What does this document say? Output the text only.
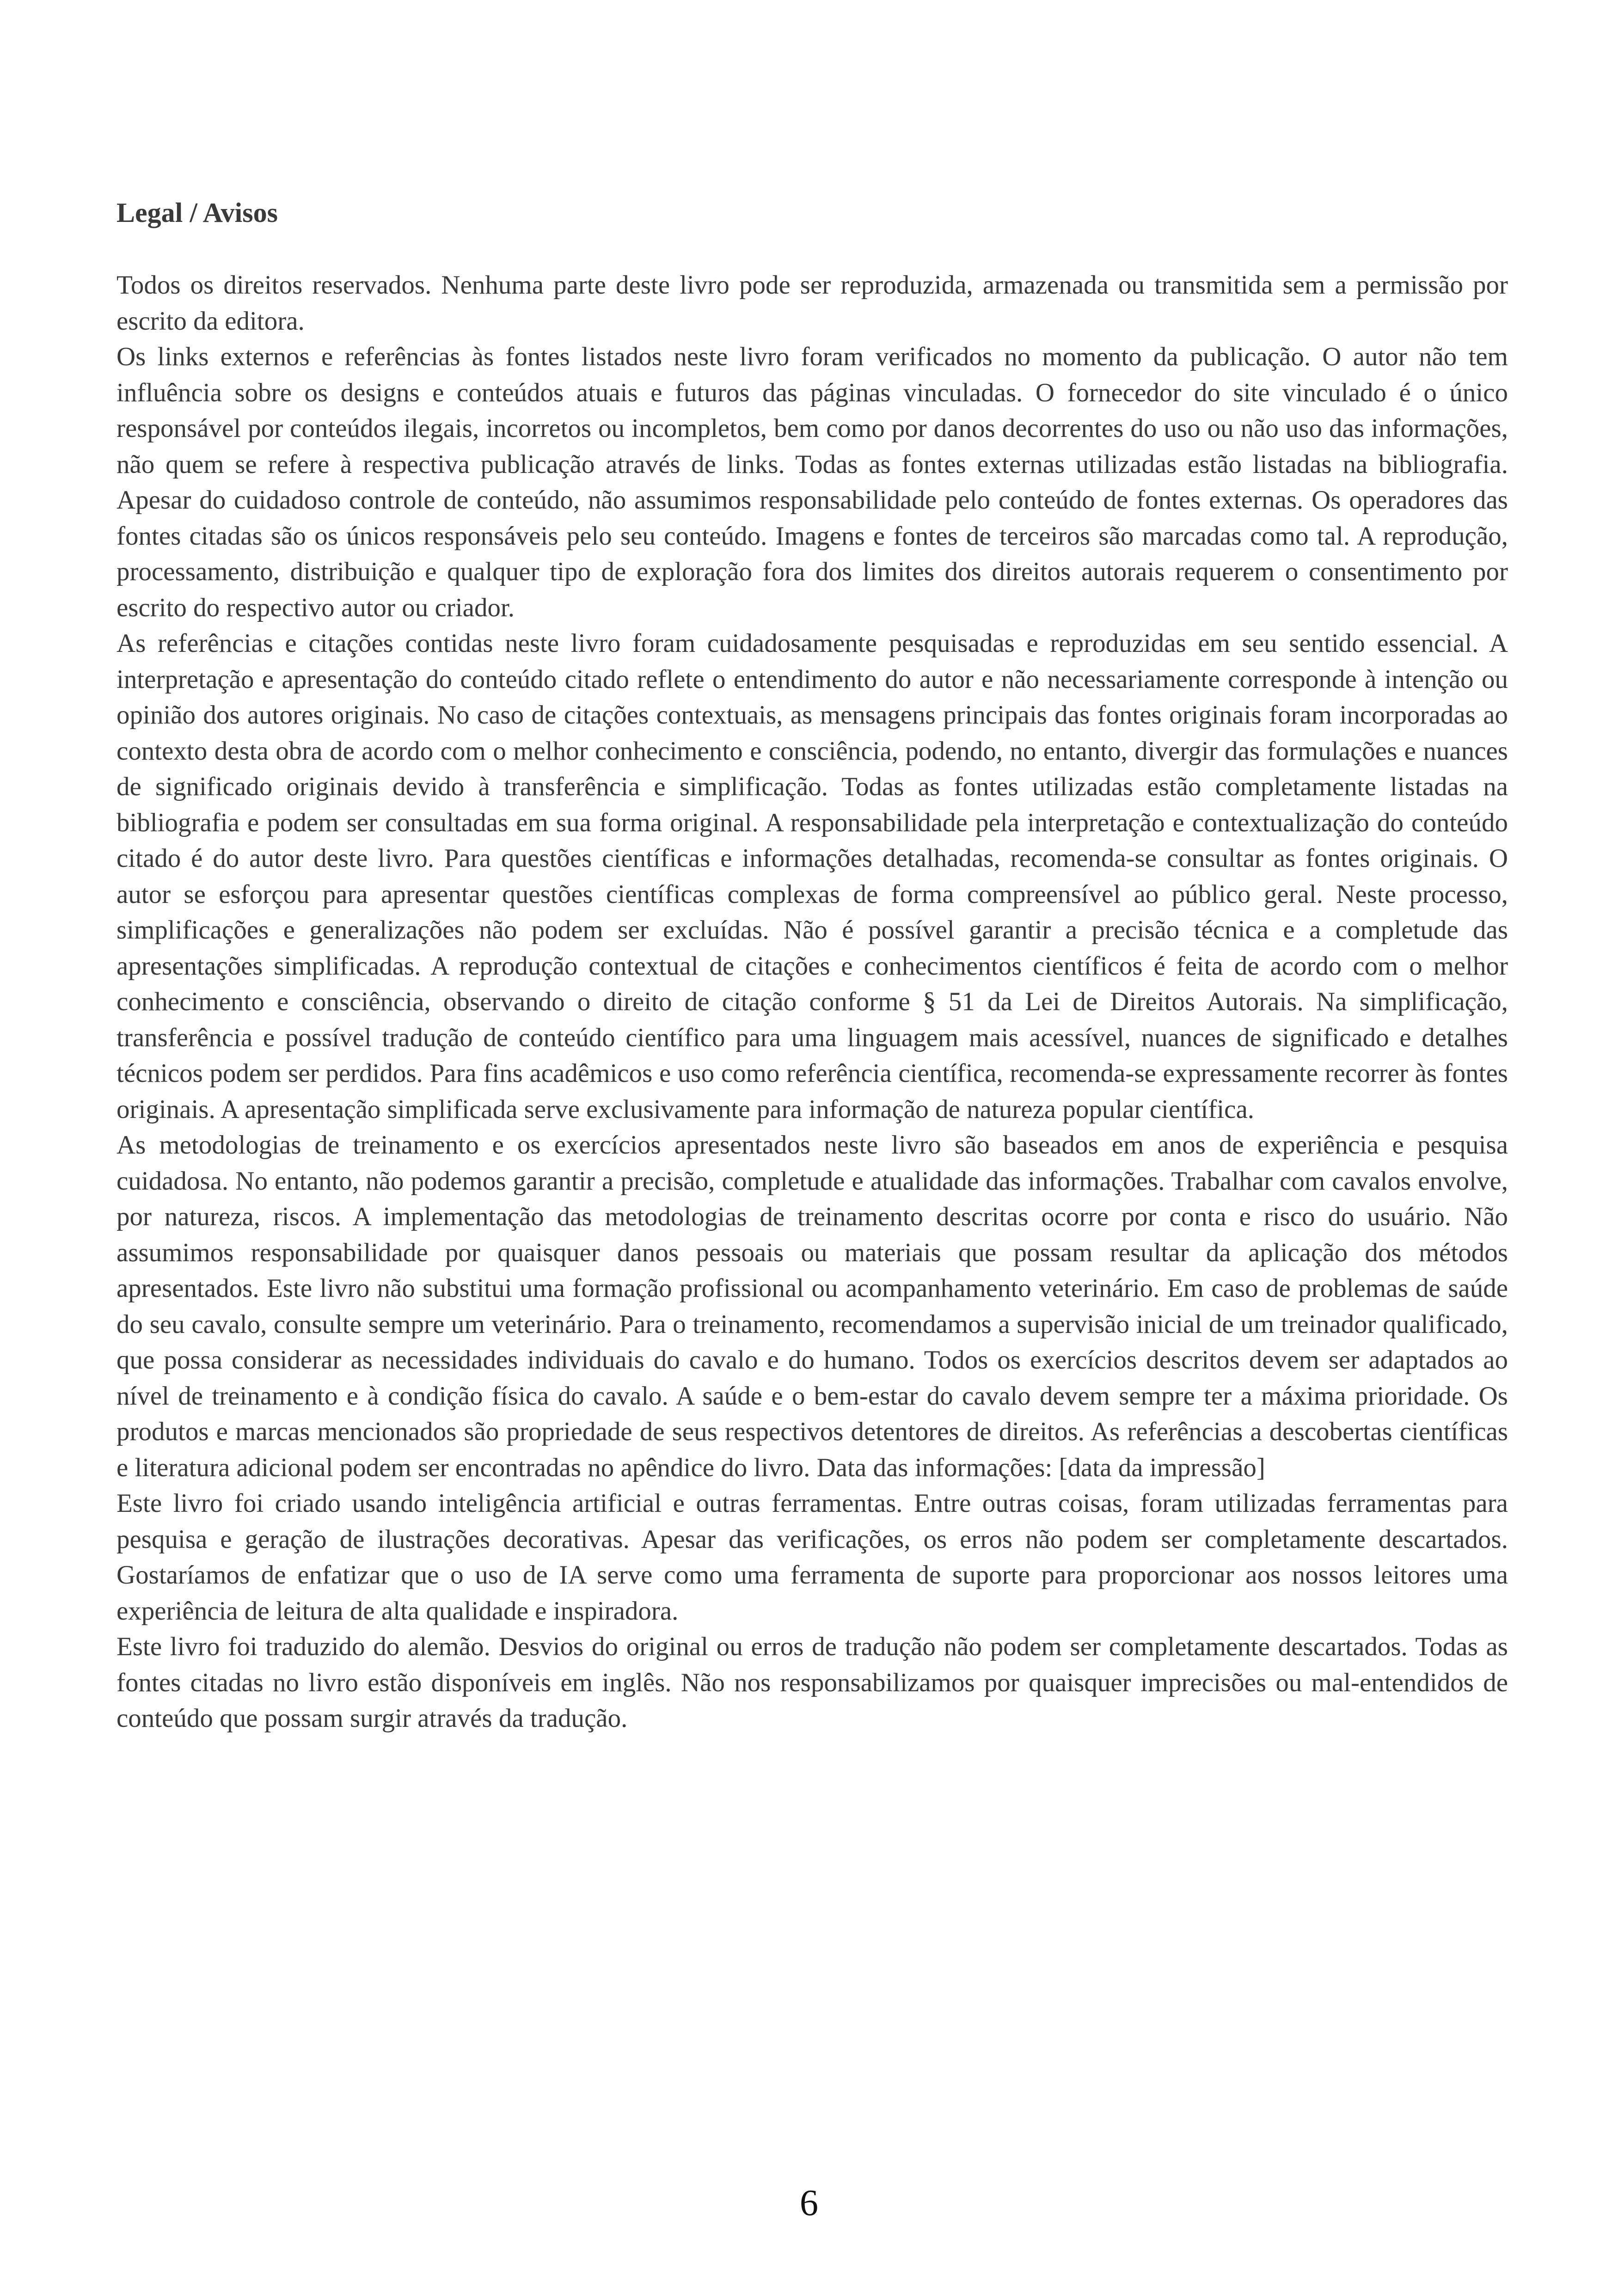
Legal / Avisos

Todos os direitos reservados. Nenhuma parte deste livro pode ser reproduzida, armazenada ou transmitida sem a permissão por escrito da editora.

Os links externos e referências às fontes listados neste livro foram verificados no momento da publicação. O autor não tem influência sobre os designs e conteúdos atuais e futuros das páginas vinculadas. O fornecedor do site vinculado é o único responsável por conteúdos ilegais, incorretos ou incompletos, bem como por danos decorrentes do uso ou não uso das informações, não quem se refere à respectiva publicação através de links. Todas as fontes externas utilizadas estão listadas na bibliografia. Apesar do cuidadoso controle de conteúdo, não assumimos responsabilidade pelo conteúdo de fontes externas. Os operadores das fontes citadas são os únicos responsáveis pelo seu conteúdo. Imagens e fontes de terceiros são marcadas como tal. A reprodução, processamento, distribuição e qualquer tipo de exploração fora dos limites dos direitos autorais requerem o consentimento por escrito do respectivo autor ou criador.

As referências e citações contidas neste livro foram cuidadosamente pesquisadas e reproduzidas em seu sentido essencial. A interpretação e apresentação do conteúdo citado reflete o entendimento do autor e não necessariamente corresponde à intenção ou opinião dos autores originais. No caso de citações contextuais, as mensagens principais das fontes originais foram incorporadas ao contexto desta obra de acordo com o melhor conhecimento e consciência, podendo, no entanto, divergir das formulações e nuances de significado originais devido à transferência e simplificação. Todas as fontes utilizadas estão completamente listadas na bibliografia e podem ser consultadas em sua forma original. A responsabilidade pela interpretação e contextualização do conteúdo citado é do autor deste livro. Para questões científicas e informações detalhadas, recomenda-se consultar as fontes originais. O autor se esforçou para apresentar questões científicas complexas de forma compreensível ao público geral. Neste processo, simplificações e generalizações não podem ser excluídas. Não é possível garantir a precisão técnica e a completude das apresentações simplificadas. A reprodução contextual de citações e conhecimentos científicos é feita de acordo com o melhor conhecimento e consciência, observando o direito de citação conforme § 51 da Lei de Direitos Autorais. Na simplificação, transferência e possível tradução de conteúdo científico para uma linguagem mais acessível, nuances de significado e detalhes técnicos podem ser perdidos. Para fins acadêmicos e uso como referência científica, recomenda-se expressamente recorrer às fontes originais. A apresentação simplificada serve exclusivamente para informação de natureza popular científica.

As metodologias de treinamento e os exercícios apresentados neste livro são baseados em anos de experiência e pesquisa cuidadosa. No entanto, não podemos garantir a precisão, completude e atualidade das informações. Trabalhar com cavalos envolve, por natureza, riscos. A implementação das metodologias de treinamento descritas ocorre por conta e risco do usuário. Não assumimos responsabilidade por quaisquer danos pessoais ou materiais que possam resultar da aplicação dos métodos apresentados. Este livro não substitui uma formação profissional ou acompanhamento veterinário. Em caso de problemas de saúde do seu cavalo, consulte sempre um veterinário. Para o treinamento, recomendamos a supervisão inicial de um treinador qualificado, que possa considerar as necessidades individuais do cavalo e do humano. Todos os exercícios descritos devem ser adaptados ao nível de treinamento e à condição física do cavalo. A saúde e o bem-estar do cavalo devem sempre ter a máxima prioridade. Os produtos e marcas mencionados são propriedade de seus respectivos detentores de direitos. As referências a descobertas científicas e literatura adicional podem ser encontradas no apêndice do livro. Data das informações: [data da impressão]

Este livro foi criado usando inteligência artificial e outras ferramentas. Entre outras coisas, foram utilizadas ferramentas para pesquisa e geração de ilustrações decorativas. Apesar das verificações, os erros não podem ser completamente descartados. Gostaríamos de enfatizar que o uso de IA serve como uma ferramenta de suporte para proporcionar aos nossos leitores uma experiência de leitura de alta qualidade e inspiradora.

Este livro foi traduzido do alemão. Desvios do original ou erros de tradução não podem ser completamente descartados. Todas as fontes citadas no livro estão disponíveis em inglês. Não nos responsabilizamos por quaisquer imprecisões ou mal-entendidos de conteúdo que possam surgir através da tradução.

6
